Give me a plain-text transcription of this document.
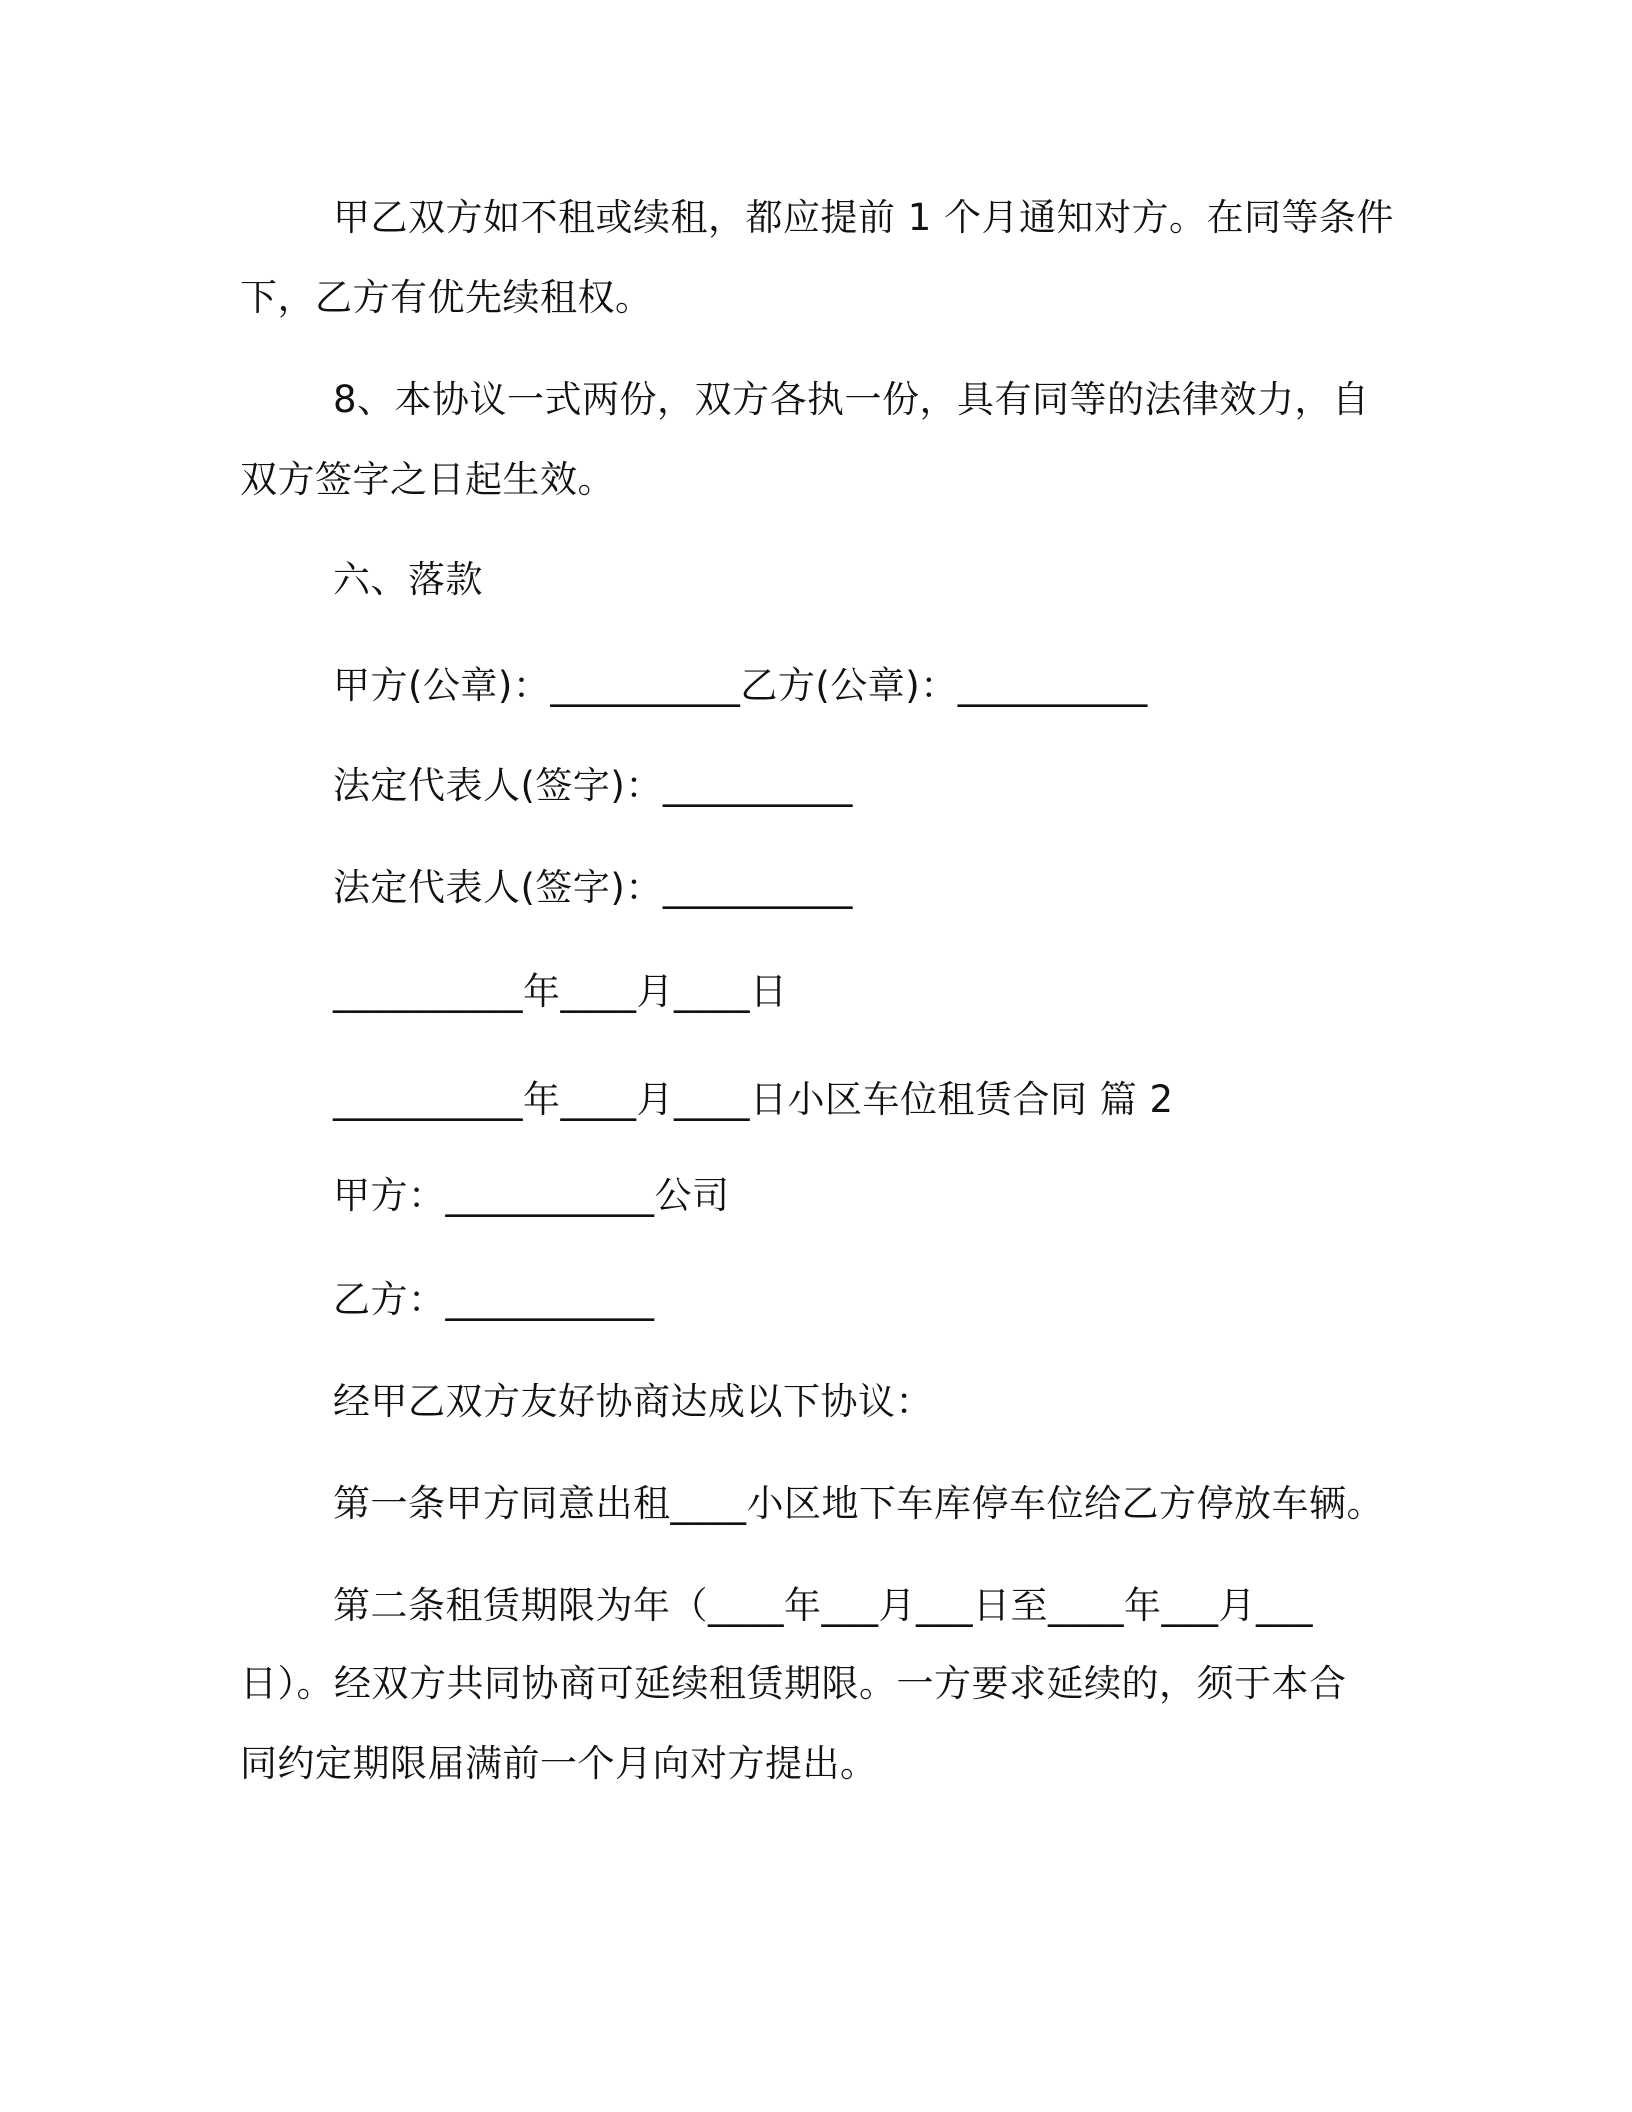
甲乙双方如不租或续租，都应提前 1 个月通知对方。在同等条件
下，乙方有优先续租权。
8、本协议一式两份，双方各执一份，具有同等的法律效力，自
双方签字之日起生效。
六、落款
甲方(公章)：__________乙方(公章)：__________
法定代表人(签字)：__________
法定代表人(签字)：__________
__________年____月____日
__________年____月____日小区车位租赁合同 篇 2
甲方：___________公司
乙方：___________
经甲乙双方友好协商达成以下协议：
第一条甲方同意出租____小区地下车库停车位给乙方停放车辆。
第二条租赁期限为年（____年___月___日至____年___月___
日）。经双方共同协商可延续租赁期限。一方要求延续的，须于本合
同约定期限届满前一个月向对方提出。
